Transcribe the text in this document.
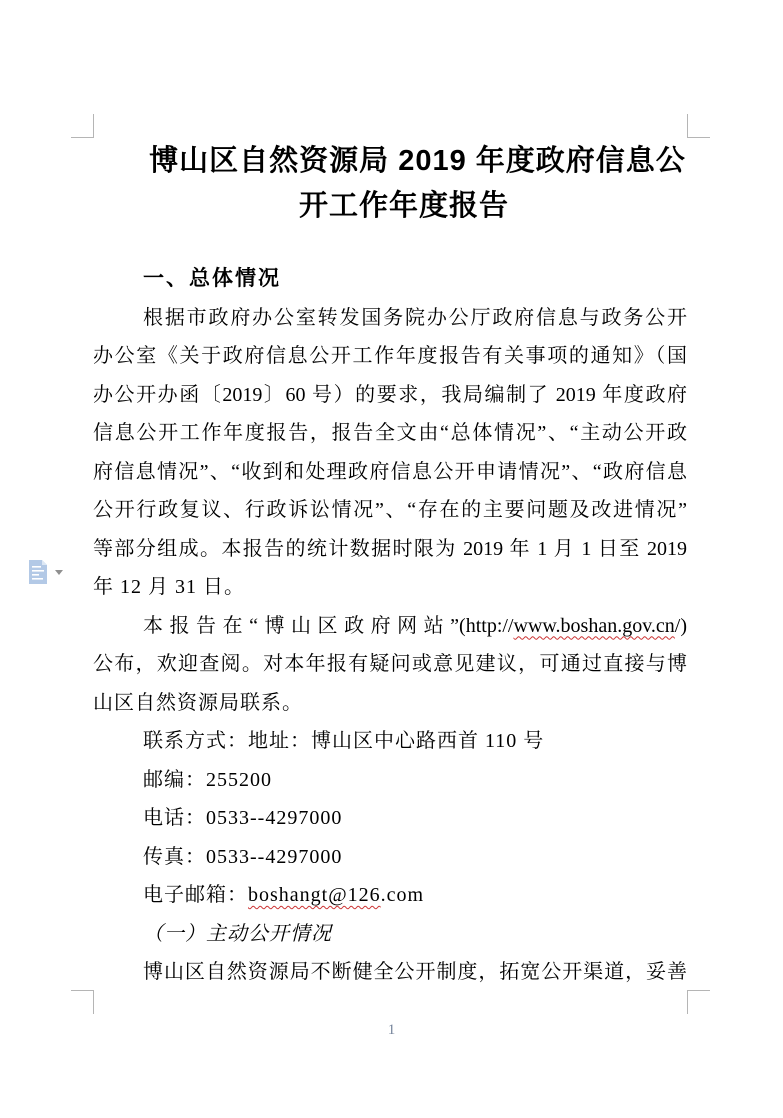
博山区自然资源局 2019 年度政府信息公
开工作年度报告
一、总体情况
根据市政府办公室转发国务院办公厅政府信息与政务公开
办公室《关于政府信息公开工作年度报告有关事项的通知》（国
办公开办函〔2019〕60 号）的要求，我局编制了 2019 年度政府
信息公开工作年度报告，报告全文由“总体情况”、“主动公开政
府信息情况”、“收到和处理政府信息公开申请情况”、“政府信息
公开行政复议、行政诉讼情况”、“存在的主要问题及改进情况”
等部分组成。本报告的统计数据时限为 2019 年 1 月 1 日至 2019
年 12 月 31 日。
本报告在“博山区政府网站”(http://www.boshan.gov.cn/)
公布，欢迎查阅。对本年报有疑问或意见建议，可通过直接与博
山区自然资源局联系。
联系方式：地址：博山区中心路西首 110 号
邮编：255200
电话：0533--4297000
传真：0533--4297000
电子邮箱：boshangt@126.com
（一）主动公开情况
博山区自然资源局不断健全公开制度，拓宽公开渠道，妥善
1
